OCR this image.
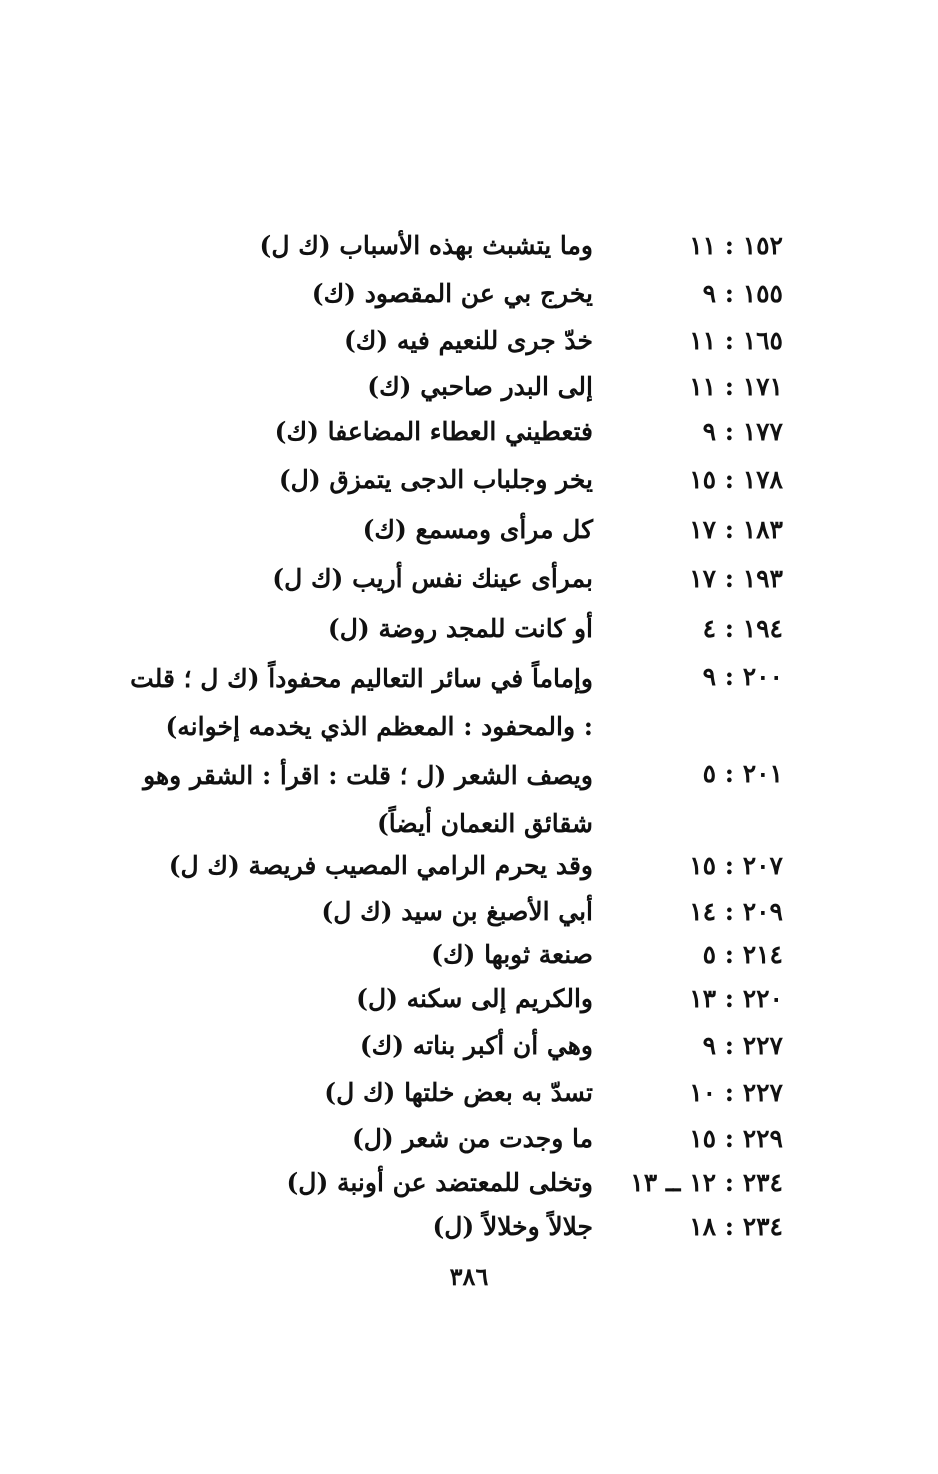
١٥٢ : ١١
وما يتشبث بهذه الأسباب (ك ل)
١٥٥ : ٩
يخرج بي عن المقصود (ك)
١٦٥ : ١١
خدّ جرى للنعيم فيه (ك)
١٧١ : ١١
إلى البدر صاحبي (ك)
١٧٧ : ٩
فتعطيني العطاء المضاعفا (ك)
١٧٨ : ١٥
يخر وجلباب الدجى يتمزق (ل)
١٨٣ : ١٧
كل مرأى ومسمع (ك)
١٩٣ : ١٧
بمرأى عينك نفس أريب (ك ل)
١٩٤ : ٤
أو كانت للمجد روضة (ل)
٢٠٠ : ٩
وإماماً في سائر التعاليم محفوداً (ك ل ؛ قلت : والمحفود : المعظم الذي يخدمه إخوانه)
٢٠١ : ٥
ويصف الشعر (ل ؛ قلت : اقرأ : الشقر وهو شقائق النعمان أيضاً)
٢٠٧ : ١٥
وقد يحرم الرامي المصيب فريصة (ك ل)
٢٠٩ : ١٤
أبي الأصبغ بن سيد (ك ل)
٢١٤ : ٥
صنعة ثوبها (ك)
٢٢٠ : ١٣
والكريم إلى سكنه (ل)
٢٢٧ : ٩
وهي أن أكبر بناته (ك)
٢٢٧ : ١٠
تسدّ به بعض خلتها (ك ل)
٢٢٩ : ١٥
ما وجدت من شعر (ل)
٢٣٤ : ١٢ ــ ١٣
وتخلى للمعتضد عن أونبة (ل)
٢٣٤ : ١٨
جلالاً وخلالاً (ل)
٣٨٦
